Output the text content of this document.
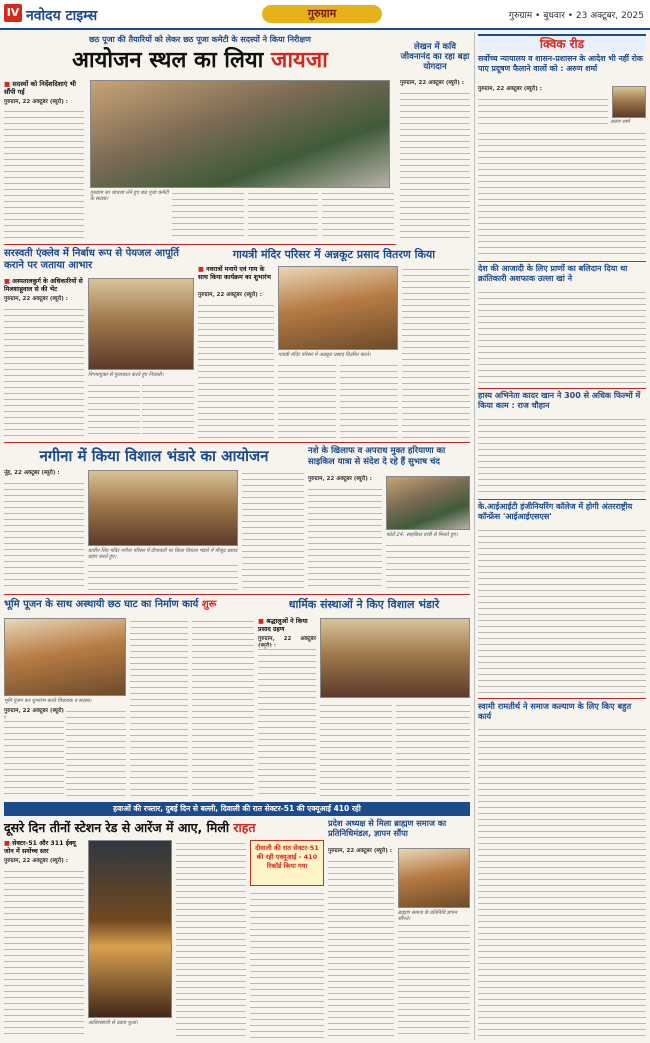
IV नवोदय टाइम्स	गुरुग्राम	गुरुग्राम • बुधवार • 23 अक्टूबर, 2025
छठ पूजा की तैयारियों को लेकर छठ पूजा कमेटी के सदस्यों ने किया निरीक्षण
आयोजन स्थल का लिया जायजा
■ सदस्यों को निर्देशदिशाएं भी सौंपी गई
गुरुग्राम, 22 अक्टूबर (ब्यूरो) :
गुरुग्राम का जायजा लेने हुए छठ पूजा कमेटी के सदस्य।
लेखन में कवि जीवनानंद का रहा बड़ा योगदान
गुरुग्राम, 22 अक्टूबर (ब्यूरो) :
सरस्वती एंक्लेव में निर्बाध रूप से पेयजल आपूर्ति कराने पर जताया आभार
■ अस्पतालकुर्ग के अधिकारियों से मिलशाहूवाल से की भेंट
गुरुग्राम, 22 अक्टूबर (ब्यूरो) :
निगमायुक्त से मुलाकात करते हुए निवासी।
गायत्री मंदिर परिसर में अन्नकूट प्रसाद वितरण किया
■ नवरात्रों मनाये एवं गाय के साथ किया कार्यक्रम का शुभारंभ
गुरुग्राम, 22 अक्टूबर (ब्यूरो) :
गायत्री मंदिर परिसर में अन्नकूट प्रसाद वितरित करते।
नगीना में किया विशाल भंडारे का आयोजन
नूंह, 22 अक्टूबर (ब्यूरो) :
प्राचीन शिव मंदिर नगीना परिसर में दीपावली पर किया विशाल भंडारे में मौजूद प्रसाद ग्रहण करते हुए।
नशे के खिलाफ व अपराध मुक्त हरियाणा का साइकिल यात्रा से संदेश दे रहे हैं सुभाष चंद
गुरुग्राम, 22 अक्टूबर (ब्यूरो) :
फोटो 24: साइकिल यात्री से मिलते हुए।
भूमि पूजन के साथ अस्थायी छठ घाट का निर्माण कार्य शुरू
भूमि पूजन कर शुभारंभ करते विधायक व सदस्य।
गुरुग्राम, 22 अक्टूबर (ब्यूरो)
धार्मिक संस्थाओं ने किए विशाल भंडारे
■ श्रद्धालुओं ने किया प्रसाद ग्रहण
गुरुग्राम, 22 अक्टूबर
हवाओं की रफ्तार, दुबई दिन से बल्ली, दिवाली की रात सेक्टर-51 की एक्यूआई 410 रही
दूसरे दिन तीनों स्टेशन रेड से आरेंज में आए, मिली राहत
■ सेक्टर-51 और 311 ईक्यू जोन में सर्वोच्च स्तर
गुरुग्राम, 22 अक्टूबर (ब्यूरो) :
आतिशबाजी से उठता धुआं।
दीवाली की रात सेक्टर-51 की रही एक्यूआई - 410 रिकॉर्ड किया गया
प्रदेश अध्यक्ष से मिला ब्राह्मण समाज का प्रतिनिधिमंडल, ज्ञापन सौंपा
गुरुग्राम, 22 अक्टूबर (ब्यूरो) :
ब्राह्मण समाज के प्रतिनिधि ज्ञापन सौंपते।
क्विक रीड
सर्वोच्च न्यायालय व शासन-प्रशासन के आदेश भी नहीं रोक पाए प्रदूषण फैलाने वालों को : अरुण शर्मा
अरुण शर्मा
गुरुग्राम, 22 अक्टूबर (ब्यूरो) :
देश की आजादी के लिए प्राणों का बलिदान दिया था क्रांतिकारी अशफाक उल्ला खां ने
हास्य अभिनेता कादर खान ने 300 से अधिक फिल्मों में किया काम : राज चौहान
के.आईआईटी इंजीनियरिंग कॉलेज में होगी अंतरराष्ट्रीय कॉन्फ्रेंस 'आईआईएसएस'
स्वामी रामतीर्थ ने समाज कल्याण के लिए किए बहुत कार्य
